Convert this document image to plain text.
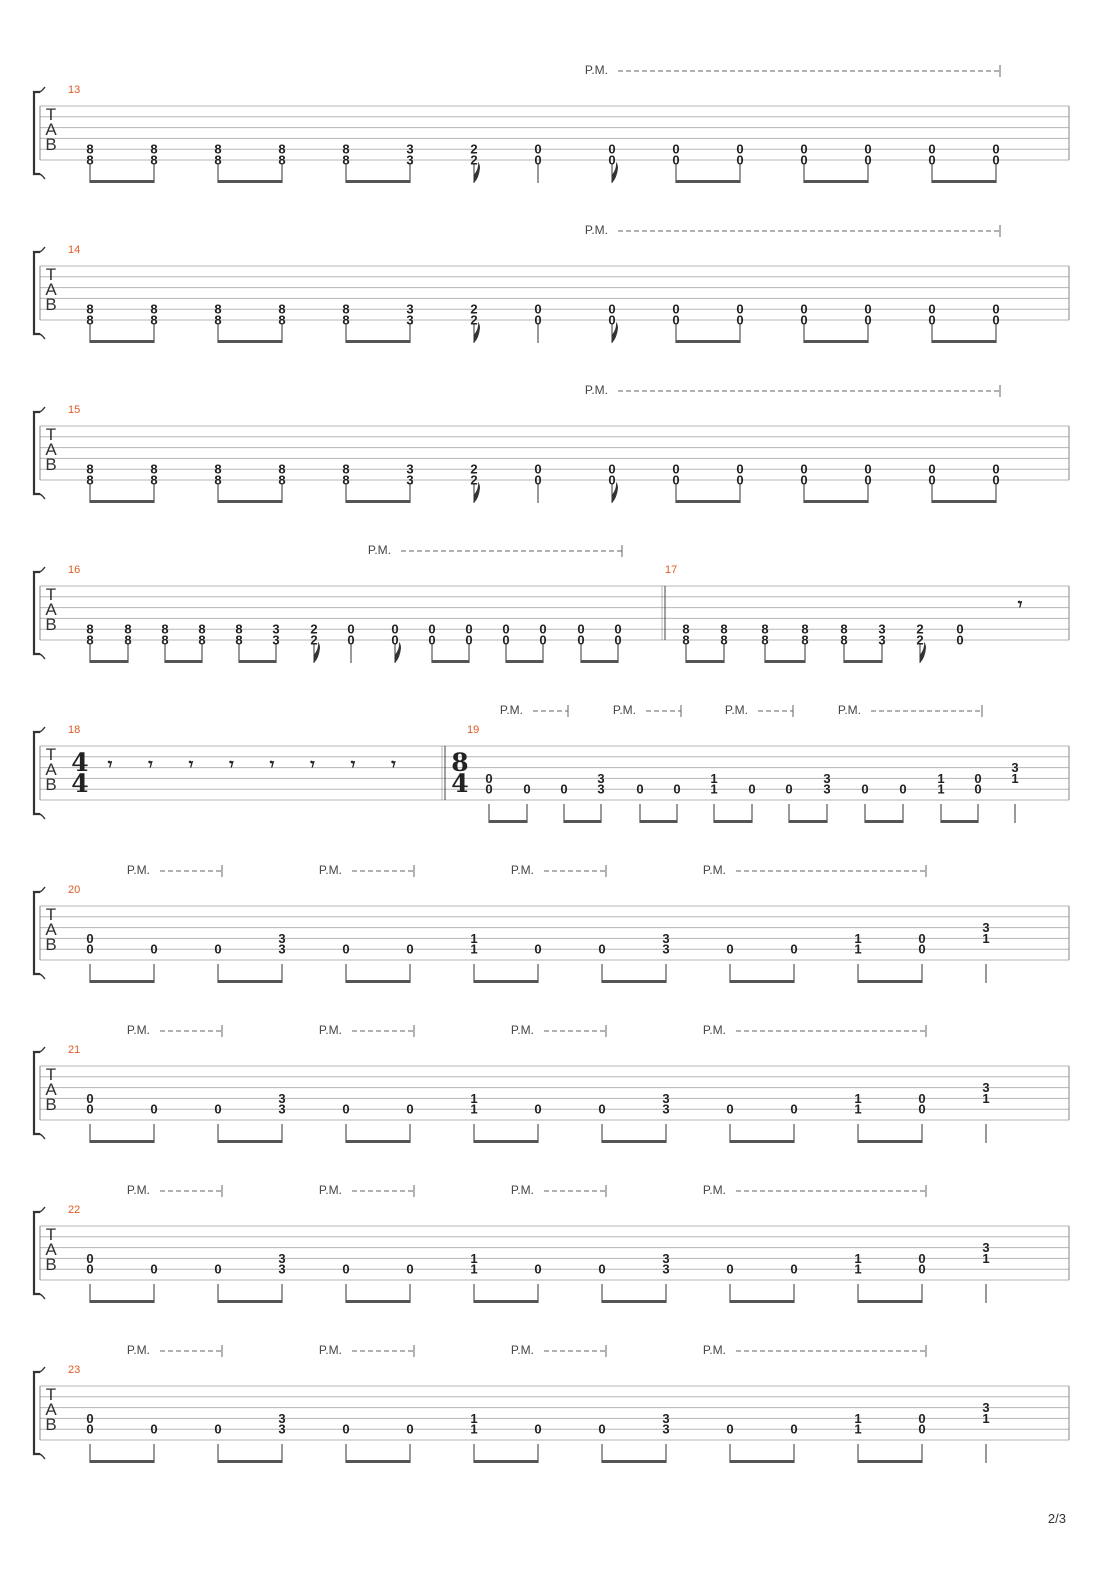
T
A
B
13
8
8
8
8
8
8
8
8
8
8
3
3
2
2
0
0
0
0
0
0
0
0
0
0
0
0
0
0
0
0
P.M.
T
A
B
14
8
8
8
8
8
8
8
8
8
8
3
3
2
2
0
0
0
0
0
0
0
0
0
0
0
0
0
0
0
0
P.M.
T
A
B
15
8
8
8
8
8
8
8
8
8
8
3
3
2
2
0
0
0
0
0
0
0
0
0
0
0
0
0
0
0
0
P.M.
T
A
B
16
8
8
8
8
8
8
8
8
8
8
3
3
2
2
0
0
0
0
0
0
0
0
0
0
0
0
0
0
0
0
17
8
8
8
8
8
8
8
8
8
8
3
3
2
2
0
0
𝄾
P.M.
T
A
B
18
4
4
𝄾 𝄾 𝄾 𝄾 𝄾 𝄾 𝄾 𝄾
19
8
4 0
0 0 0
3
3 0 0
1
1 0 0
3
3 0 0
1
1
0
0
3
1
P.M.	P.M.	P.M.	P.M.
T
A
B
20
0
0	0	0
3
3	0	0
1
1	0	0
3
3	0	0
1
1
0
0
3
1
P.M.	P.M.	P.M.	P.M.
T
A
B
21
0
0	0	0
3
3	0	0
1
1	0	0
3
3	0	0
1
1
0
0
3
1
P.M.	P.M.	P.M.	P.M.
T
A
B
22
0
0	0	0
3
3	0	0
1
1	0	0
3
3	0	0
1
1
0
0
3
1
P.M.	P.M.	P.M.	P.M.
T
A
B
23
0
0	0	0
3
3	0	0
1
1	0	0
3
3	0	0
1
1
0
0
3
1
P.M.	P.M.	P.M.	P.M.
2/3
